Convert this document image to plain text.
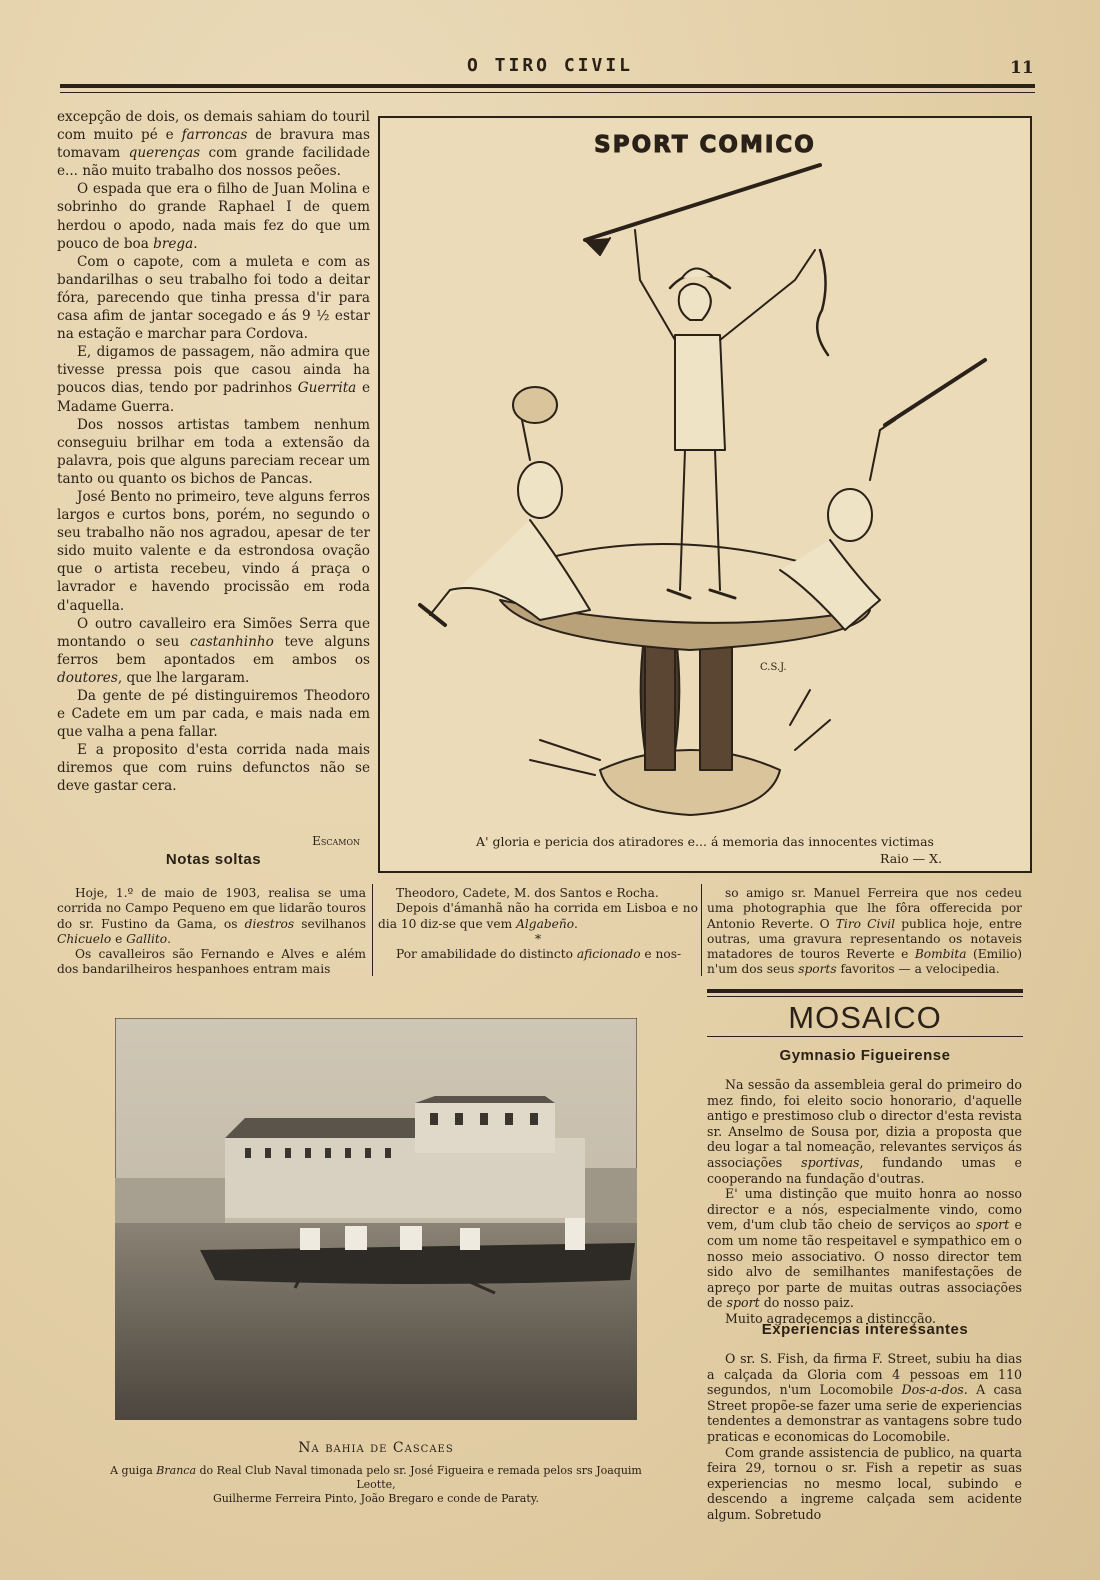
O TIRO CIVIL	11

excepção de dois, os demais sahiam do touril com muito pé e farroncas de bravura mas tomavam querenças com grande facilidade e... não muito trabalho dos nossos peões.

O espada que era o filho de Juan Molina e sobrinho do grande Raphael I de quem herdou o apodo, nada mais fez do que um pouco de boa brega.

Com o capote, com a muleta e com as bandarilhas o seu trabalho foi todo a deitar fóra, parecendo que tinha pressa d'ir para casa afim de jantar socegado e ás 9 ½ estar na estação e marchar para Cordova.

E, digamos de passagem, não admira que tivesse pressa pois que casou ainda ha poucos dias, tendo por padrinhos Guerrita e Madame Guerra.

Dos nossos artistas tambem nenhum conseguiu brilhar em toda a extensão da palavra, pois que alguns pareciam recear um tanto ou quanto os bichos de Pancas.

José Bento no primeiro, teve alguns ferros largos e curtos bons, porém, no segundo o seu trabalho não nos agradou, apesar de ter sido muito valente e da estrondosa ovação que o artista recebeu, vindo á praça o lavrador e havendo procissão em roda d'aquella.

O outro cavalleiro era Simões Serra que montando o seu castanhinho teve alguns ferros bem apontados em ambos os doutores, que lhe largaram.

Da gente de pé distinguiremos Theodoro e Cadete em um par cada, e mais nada em que valha a pena fallar.

E a proposito d'esta corrida nada mais diremos que com ruins defunctos não se deve gastar cera.

Escamon
SPORT COMICO
C.S.J.
A' gloria e pericia dos atiradores e... á memoria das innocentes victimas
Raio — X.
Notas soltas

Hoje, 1.º de maio de 1903, realisa se uma corrida no Campo Pequeno em que lidarão touros do sr. Fustino da Gama, os diestros sevilhanos Chicuelo e Gallito.

Os cavalleiros são Fernando e Alves e além dos bandarilheiros hespanhoes entram mais

Theodoro, Cadete, M. dos Santos e Rocha.

Depois d'ámanhã não ha corrida em Lisboa e no dia 10 diz-se que vem Algabeño.

*

Por amabilidade do distincto aficionado e nos-

so amigo sr. Manuel Ferreira que nos cedeu uma photographia que lhe fôra offerecida por Antonio Reverte. O Tiro Civil publica hoje, entre outras, uma gravura representando os notaveis matadores de touros Reverte e Bombita (Emilio) n'um dos seus sports favoritos — a velocipedia.

Na bahia de Cascaes
A guiga Branca do Real Club Naval timonada pelo sr. José Figueira e remada pelos srs Joaquim Leotte,
Guilherme Ferreira Pinto, João Bregaro e conde de Paraty.
MOSAICO
Gymnasio Figueirense

Na sessão da assembleia geral do primeiro do mez findo, foi eleito socio honorario, d'aquelle antigo e prestimoso club o director d'esta revista sr. Anselmo de Sousa por, dizia a proposta que deu logar a tal nomeação, relevantes serviços ás associações sportivas, fundando umas e cooperando na fundação d'outras.

E' uma distinção que muito honra ao nosso director e a nós, especialmente vindo, como vem, d'um club tão cheio de serviços ao sport e com um nome tão respeitavel e sympathico em o nosso meio associativo. O nosso director tem sido alvo de semilhantes manifestações de apreço por parte de muitas outras associações de sport do nosso paiz.

Muito agradecemos a distincção.

Experiencias interessantes

O sr. S. Fish, da firma F. Street, subiu ha dias a calçada da Gloria com 4 pessoas em 110 segundos, n'um Locomobile Dos-a-dos. A casa Street propõe-se fazer uma serie de experiencias tendentes a demonstrar as vantagens sobre tudo praticas e economicas do Locomobile.

Com grande assistencia de publico, na quarta feira 29, tornou o sr. Fish a repetir as suas experiencias no mesmo local, subindo e descendo a ingreme calçada sem acidente algum. Sobretudo
